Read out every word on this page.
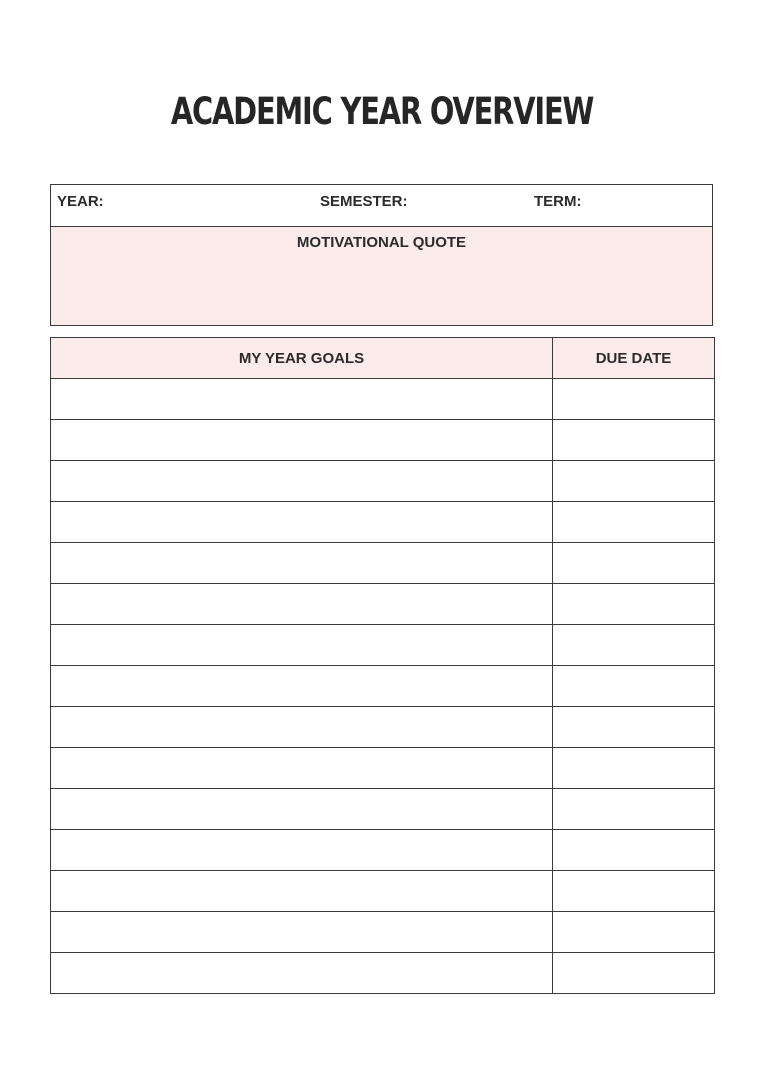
ACADEMIC YEAR OVERVIEW
YEAR:	SEMESTER:	TERM:
MOTIVATIONAL QUOTE
MY YEAR GOALS	DUE DATE
